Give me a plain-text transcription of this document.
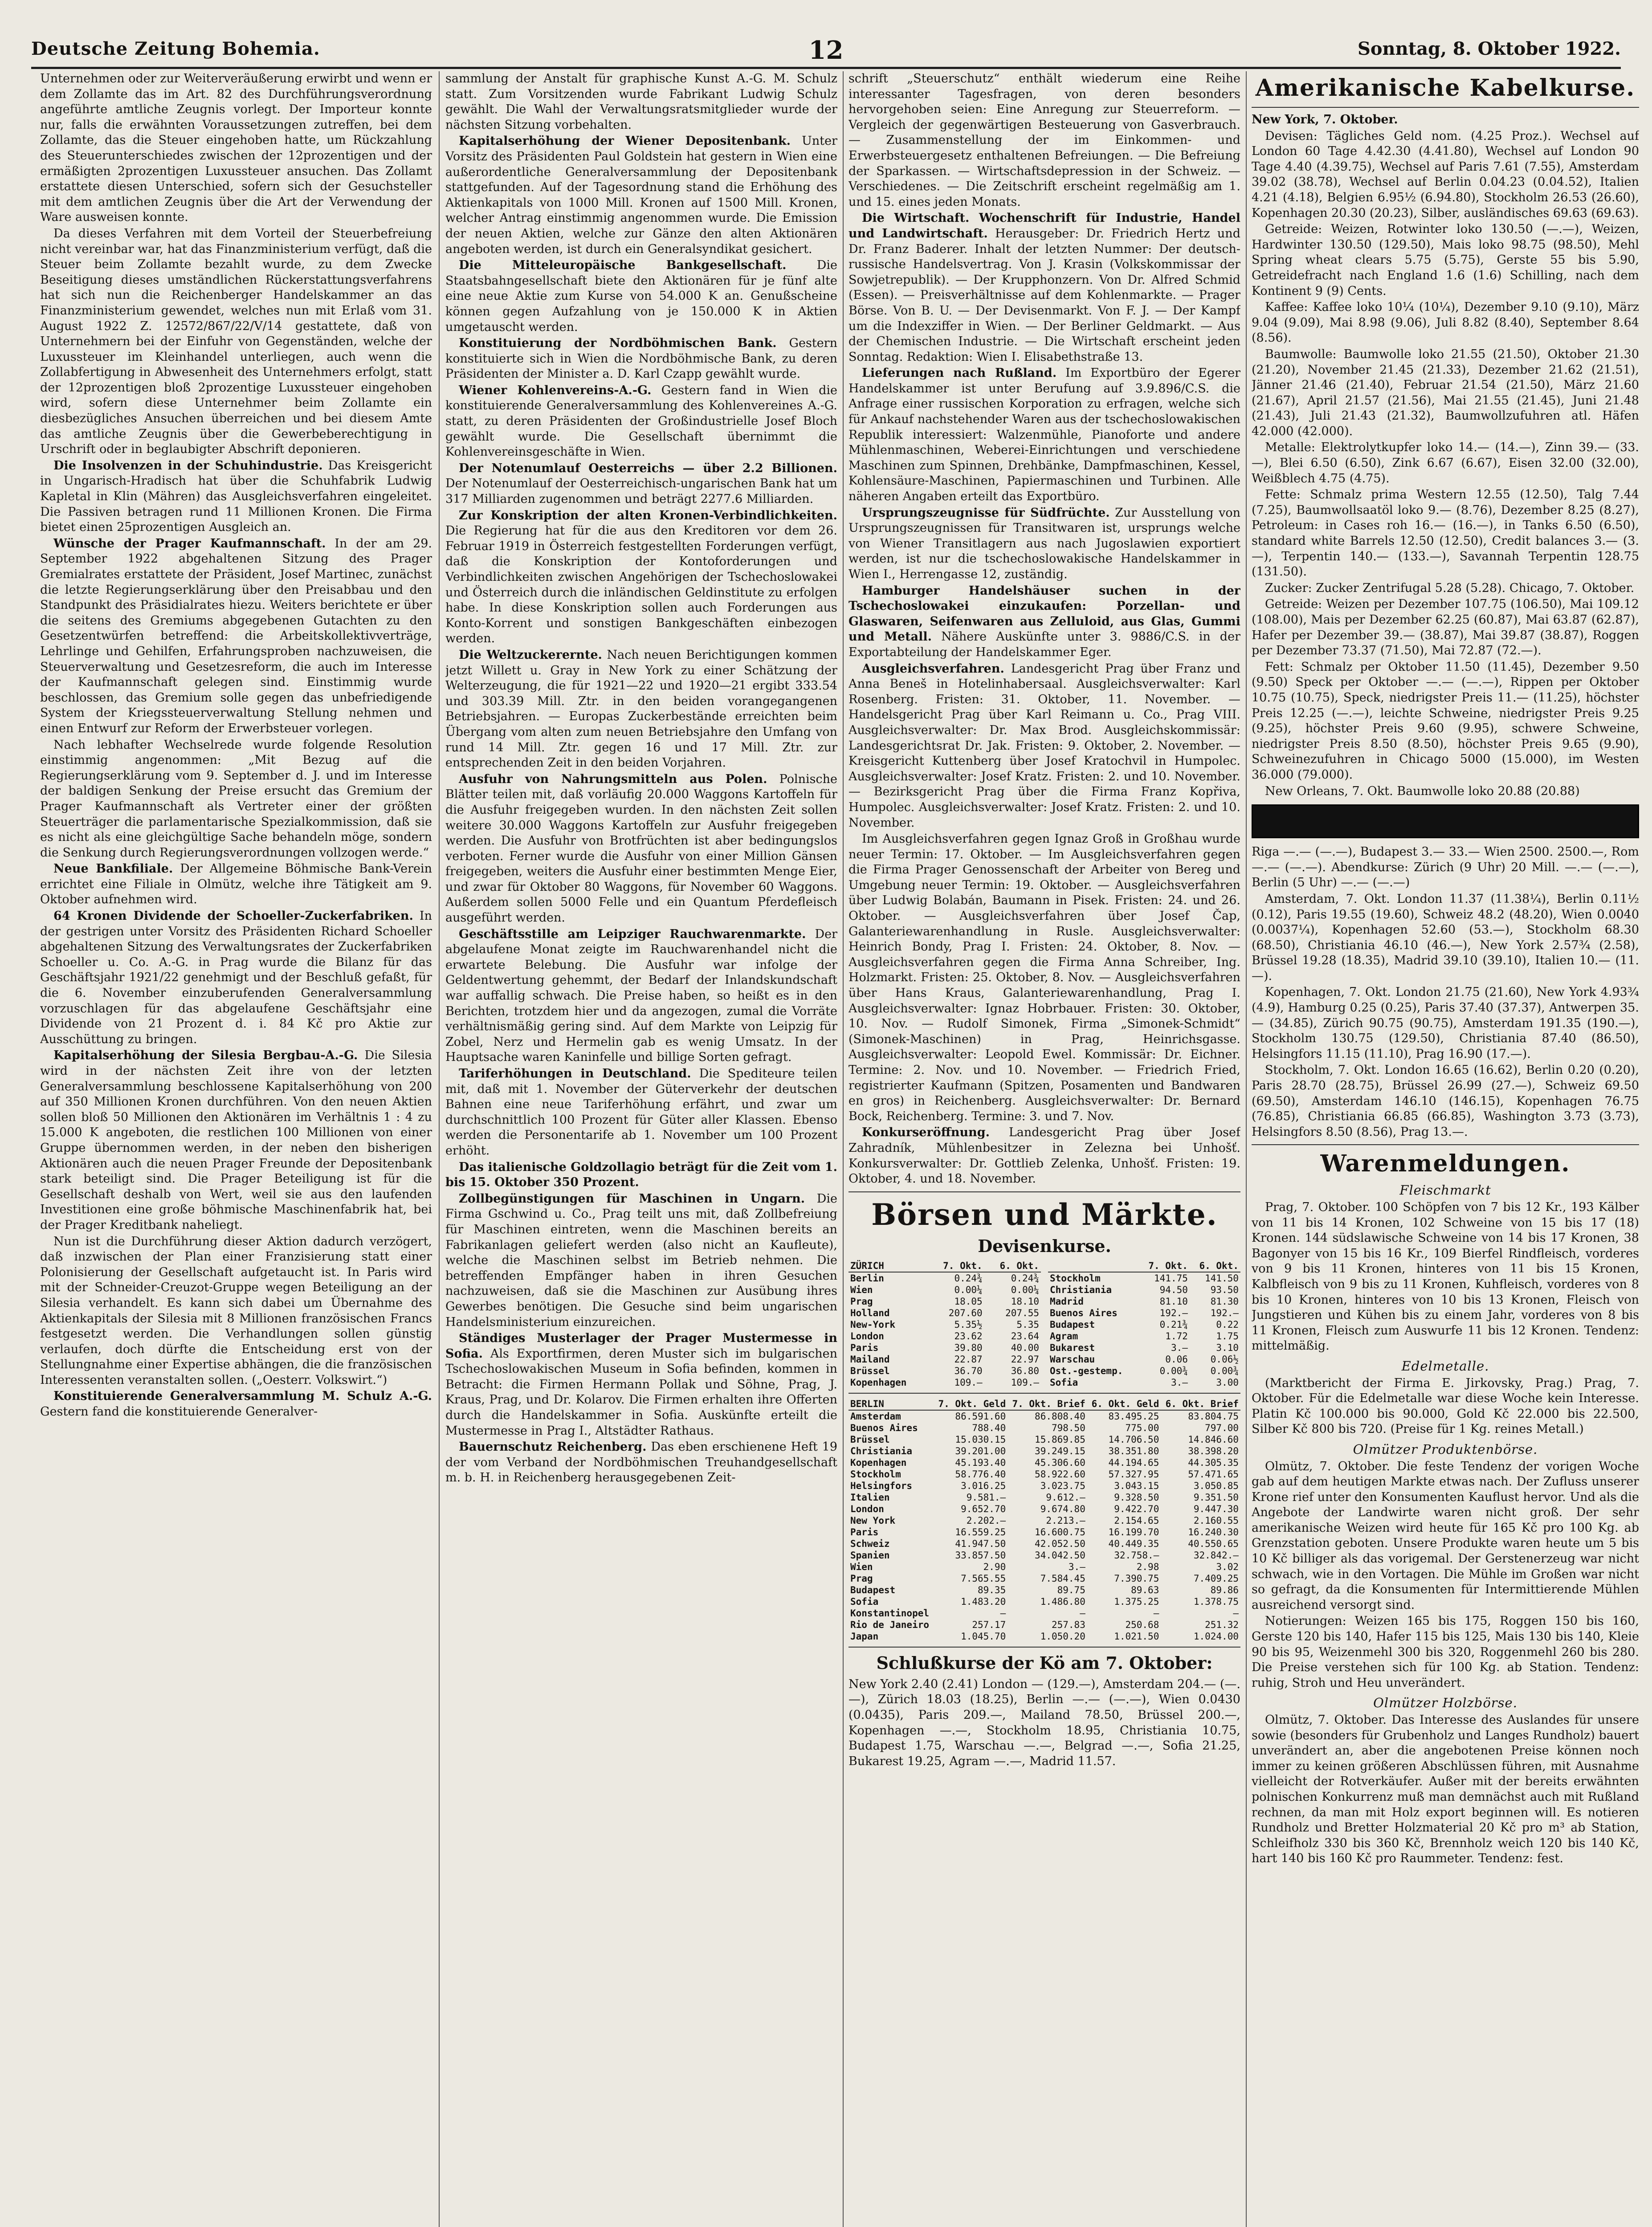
Deutsche Zeitung Bohemia.	12	Sonntag, 8. Oktober 1922.

Unternehmen oder zur Weiterveräußerung erwirbt und wenn er dem Zollamte das im Art. 82 des Durchführungsverordnung angeführte amtliche Zeugnis vorlegt. Der Importeur konnte nur, falls die erwähnten Voraussetzungen zutreffen, bei dem Zollamte, das die Steuer eingehoben hatte, um Rückzahlung des Steuerunterschiedes zwischen der 12prozentigen und der ermäßigten 2prozentigen Luxussteuer ansuchen. Das Zollamt erstattete diesen Unterschied, sofern sich der Gesuchsteller mit dem amtlichen Zeugnis über die Art der Verwendung der Ware ausweisen konnte.

Da dieses Verfahren mit dem Vorteil der Steuerbefreiung nicht vereinbar war, hat das Finanzministerium verfügt, daß die Steuer beim Zollamte bezahlt wurde, zu dem Zwecke Beseitigung dieses umständlichen Rückerstattungsverfahrens hat sich nun die Reichenberger Handelskammer an das Finanzministerium gewendet, welches nun mit Erlaß vom 31. August 1922 Z. 12572/867/22/V/14 gestattete, daß von Unternehmern bei der Einfuhr von Gegenständen, welche der Luxussteuer im Kleinhandel unterliegen, auch wenn die Zollabfertigung in Abwesenheit des Unternehmers erfolgt, statt der 12prozentigen bloß 2prozentige Luxussteuer eingehoben wird, sofern diese Unternehmer beim Zollamte ein diesbezügliches Ansuchen überreichen und bei diesem Amte das amtliche Zeugnis über die Gewerbeberechtigung in Urschrift oder in beglaubigter Abschrift deponieren.

Die Insolvenzen in der Schuhindustrie. Das Kreisgericht in Ungarisch-Hradisch hat über die Schuhfabrik Ludwig Kapletal in Klin (Mähren) das Ausgleichsverfahren eingeleitet. Die Passiven betragen rund 11 Millionen Kronen. Die Firma bietet einen 25prozentigen Ausgleich an.

Wünsche der Prager Kaufmannschaft. In der am 29. September 1922 abgehaltenen Sitzung des Prager Gremialrates erstattete der Präsident, Josef Martinec, zunächst die letzte Regierungserklärung über den Preisabbau und den Standpunkt des Präsidialrates hiezu. Weiters berichtete er über die seitens des Gremiums abgegebenen Gutachten zu den Gesetzentwürfen betreffend: die Arbeitskollektivverträge, Lehrlinge und Gehilfen, Erfahrungsproben nachzuweisen, die Steuerverwaltung und Gesetzesreform, die auch im Interesse der Kaufmannschaft gelegen sind. Einstimmig wurde beschlossen, das Gremium solle gegen das unbefriedigende System der Kriegssteuerverwaltung Stellung nehmen und einen Entwurf zur Reform der Erwerbsteuer vorlegen.

Nach lebhafter Wechselrede wurde folgende Resolution einstimmig angenommen: „Mit Bezug auf die Regierungserklärung vom 9. September d. J. und im Interesse der baldigen Senkung der Preise ersucht das Gremium der Prager Kaufmannschaft als Vertreter einer der größten Steuerträger die parlamentarische Spezialkommission, daß sie es nicht als eine gleichgültige Sache behandeln möge, sondern die Senkung durch Regierungsverordnungen vollzogen werde.“

Neue Bankfiliale. Der Allgemeine Böhmische Bank-Verein errichtet eine Filiale in Olmütz, welche ihre Tätigkeit am 9. Oktober aufnehmen wird.

64 Kronen Dividende der Schoeller-Zuckerfabriken. In der gestrigen unter Vorsitz des Präsidenten Richard Schoeller abgehaltenen Sitzung des Verwaltungsrates der Zuckerfabriken Schoeller u. Co. A.-G. in Prag wurde die Bilanz für das Geschäftsjahr 1921/22 genehmigt und der Beschluß gefaßt, für die 6. November einzuberufenden Generalversammlung vorzuschlagen für das abgelaufene Geschäftsjahr eine Dividende von 21 Prozent d. i. 84 Kč pro Aktie zur Ausschüttung zu bringen.

Kapitalserhöhung der Silesia Bergbau-A.-G. Die Silesia wird in der nächsten Zeit ihre von der letzten Generalversammlung beschlossene Kapitalserhöhung von 200 auf 350 Millionen Kronen durchführen. Von den neuen Aktien sollen bloß 50 Millionen den Aktionären im Verhältnis 1 : 4 zu 15.000 K angeboten, die restlichen 100 Millionen von einer Gruppe übernommen werden, in der neben den bisherigen Aktionären auch die neuen Prager Freunde der Depositenbank stark beteiligt sind. Die Prager Beteiligung ist für die Gesellschaft deshalb von Wert, weil sie aus den laufenden Investitionen eine große böhmische Maschinenfabrik hat, bei der Prager Kreditbank naheliegt.

Nun ist die Durchführung dieser Aktion dadurch verzögert, daß inzwischen der Plan einer Franzisierung statt einer Polonisierung der Gesellschaft aufgetaucht ist. In Paris wird mit der Schneider-Creuzot-Gruppe wegen Beteiligung an der Silesia verhandelt. Es kann sich dabei um Übernahme des Aktienkapitals der Silesia mit 8 Millionen französischen Francs festgesetzt werden. Die Verhandlungen sollen günstig verlaufen, doch dürfte die Entscheidung erst von der Stellungnahme einer Expertise abhängen, die die französischen Interessenten veranstalten sollen. („Oesterr. Volkswirt.“)

Konstituierende Generalversammlung M. Schulz A.-G. Gestern fand die konstituierende Generalver-

sammlung der Anstalt für graphische Kunst A.-G. M. Schulz statt. Zum Vorsitzenden wurde Fabrikant Ludwig Schulz gewählt. Die Wahl der Verwaltungsratsmitglieder wurde der nächsten Sitzung vorbehalten.

Kapitalserhöhung der Wiener Depositenbank. Unter Vorsitz des Präsidenten Paul Goldstein hat gestern in Wien eine außerordentliche Generalversammlung der Depositenbank stattgefunden. Auf der Tagesordnung stand die Erhöhung des Aktienkapitals von 1000 Mill. Kronen auf 1500 Mill. Kronen, welcher Antrag einstimmig angenommen wurde. Die Emission der neuen Aktien, welche zur Gänze den alten Aktionären angeboten werden, ist durch ein Generalsyndikat gesichert.

Die Mitteleuropäische Bankgesellschaft.	Die Staatsbahngesellschaft biete den Aktionären für je fünf alte eine neue Aktie zum Kurse von 54.000 K an. Genußscheine können gegen Aufzahlung von je 150.000 K in Aktien umgetauscht werden.

Konstituierung der Nordböhmischen Bank. Gestern konstituierte sich in Wien die Nordböhmische Bank, zu deren Präsidenten der Minister a. D. Karl Czapp gewählt wurde.

Wiener Kohlenvereins-A.-G. Gestern fand in Wien die konstituierende Generalversammlung des Kohlenvereines A.-G. statt, zu deren Präsidenten der Großindustrielle Josef Bloch gewählt wurde. Die Gesellschaft übernimmt die Kohlenvereinsgeschäfte in Wien.

Der Notenumlauf Oesterreichs — über 2.2 Billionen. Der Notenumlauf der Oesterreichisch-ungarischen Bank hat um 317 Milliarden zugenommen und beträgt 2277.6 Milliarden.

Zur Konskription der alten Kronen-Verbindlichkeiten. Die Regierung hat für die aus den Kreditoren vor dem 26. Februar 1919 in Österreich festgestellten Forderungen verfügt, daß die Konskription der Kontoforderungen und Verbindlichkeiten zwischen Angehörigen der Tschechoslowakei und Österreich durch die inländischen Geldinstitute zu erfolgen habe. In diese Konskription sollen auch Forderungen aus Konto-Korrent und sonstigen Bankgeschäften einbezogen werden.

Die Weltzuckerernte. Nach neuen Berichtigungen kommen jetzt Willett u. Gray in New York zu einer Schätzung der Welterzeugung, die für 1921—22 und 1920—21 ergibt 333.54 und 303.39 Mill. Ztr. in den beiden vorangegangenen Betriebsjahren. — Europas Zuckerbestände erreichten beim Übergang vom alten zum neuen Betriebsjahre den Umfang von rund 14 Mill. Ztr. gegen 16 und 17 Mill. Ztr. zur entsprechenden Zeit in den beiden Vorjahren.

Ausfuhr von Nahrungsmitteln aus Polen. Polnische Blätter teilen mit, daß vorläufig 20.000 Waggons Kartoffeln für die Ausfuhr freigegeben wurden. In den nächsten Zeit sollen weitere 30.000 Waggons Kartoffeln zur Ausfuhr freigegeben werden. Die Ausfuhr von Brotfrüchten ist aber bedingungslos verboten. Ferner wurde die Ausfuhr von einer Million Gänsen freigegeben, weiters die Ausfuhr einer bestimmten Menge Eier, und zwar für Oktober 80 Waggons, für November 60 Waggons. Außerdem sollen 5000 Felle und ein Quantum Pferdefleisch ausgeführt werden.

Geschäftsstille am Leipziger Rauchwarenmarkte. Der abgelaufene Monat zeigte im Rauchwarenhandel nicht die erwartete Belebung. Die Ausfuhr war infolge der Geldentwertung gehemmt, der Bedarf der Inlandskundschaft war auffallig schwach. Die Preise haben, so heißt es in den Berichten, trotzdem hier und da angezogen, zumal die Vorräte verhältnismäßig gering sind. Auf dem Markte von Leipzig für Zobel, Nerz und Hermelin gab es wenig Umsatz. In der Hauptsache waren Kaninfelle und billige Sorten gefragt.

Tariferhöhungen in Deutschland. Die Spediteure teilen mit, daß mit 1. November der Güterverkehr der deutschen Bahnen eine neue Tariferhöhung erfährt, und zwar um durchschnittlich 100 Prozent für Güter aller Klassen. Ebenso werden die Personentarife ab 1. November um 100 Prozent erhöht.

Das italienische Goldzollagio beträgt für die Zeit vom 1. bis 15. Oktober 350 Prozent.

Zollbegünstigungen für Maschinen in Ungarn. Die Firma Gschwind u. Co., Prag teilt uns mit, daß Zollbefreiung für Maschinen eintreten, wenn die Maschinen bereits an Fabrikanlagen geliefert werden (also nicht an Kaufleute), welche die Maschinen selbst im Betrieb nehmen. Die betreffenden Empfänger haben in ihren Gesuchen nachzuweisen, daß sie die Maschinen zur Ausübung ihres Gewerbes benötigen. Die Gesuche sind beim ungarischen Handelsministerium einzureichen.

Ständiges Musterlager der Prager Mustermesse in Sofia. Als Exportfirmen, deren Muster sich im bulgarischen Tschechoslowakischen Museum in Sofia befinden, kommen in Betracht: die Firmen Hermann Pollak und Söhne, Prag, J. Kraus, Prag, und Dr. Kolarov. Die Firmen erhalten ihre Offerten durch die Handelskammer in Sofia. Auskünfte erteilt die Mustermesse in Prag I., Altstädter Rathaus.

Bauernschutz Reichenberg. Das eben erschienene Heft 19 der vom Verband der Nordböhmischen Treuhandgesellschaft m. b. H. in Reichenberg herausgegebenen Zeit-

schrift „Steuerschutz“ enthält wiederum eine Reihe interessanter Tagesfragen, von deren besonders hervorgehoben seien: Eine Anregung zur Steuerreform. — Vergleich der gegenwärtigen Besteuerung von Gasverbrauch. — Zusammenstellung der im Einkommen- und Erwerbsteuergesetz enthaltenen Befreiungen. — Die Befreiung der Sparkassen. — Wirtschaftsdepression in der Schweiz. — Verschiedenes. — Die Zeitschrift erscheint regelmäßig am 1. und 15. eines jeden Monats.

Die Wirtschaft. Wochenschrift für Industrie, Handel und Landwirtschaft. Herausgeber: Dr. Friedrich Hertz und Dr. Franz Baderer. Inhalt der letzten Nummer: Der deutsch-russische Handelsvertrag. Von J. Krasin (Volkskommissar der Sowjetrepublik). — Der Krupphonzern. Von Dr. Alfred Schmid (Essen). — Preisverhältnisse auf dem Kohlenmarkte. — Prager Börse. Von B. U. — Der Devisenmarkt. Von F. J. — Der Kampf um die Indexziffer in Wien. — Der Berliner Geldmarkt. — Aus der Chemischen Industrie. — Die Wirtschaft erscheint jeden Sonntag. Redaktion: Wien I. Elisabethstraße 13.

Lieferungen nach Rußland. Im Exportbüro der Egerer Handelskammer ist unter Berufung auf 3.9.896/C.S. die Anfrage einer russischen Korporation zu erfragen, welche sich für Ankauf nachstehender Waren aus der tschechoslowakischen Republik interessiert: Walzenmühle, Pianoforte und andere Mühlenmaschinen, Weberei-Einrichtungen und verschiedene Maschinen zum Spinnen, Drehbänke, Dampfmaschinen, Kessel, Kohlensäure-Maschinen, Papiermaschinen und Turbinen. Alle näheren Angaben erteilt das Exportbüro.

Ursprungszeugnisse für Südfrüchte. Zur Ausstellung von Ursprungszeugnissen für Transitwaren ist, ursprungs welche von Wiener Transitlagern aus nach Jugoslawien exportiert werden, ist nur die tschechoslowakische Handelskammer in Wien I., Herrengasse 12, zuständig.

Hamburger Handelshäuser suchen in der Tschechoslowakei einzukaufen: Porzellan- und Glaswaren, Seifenwaren aus Zelluloid, aus Glas, Gummi und Metall. Nähere Auskünfte unter 3. 9886/C.S. in der Exportabteilung der Handelskammer Eger.

Ausgleichsverfahren. Landesgericht Prag über Franz und Anna Beneš in Hotelinhabersaal. Ausgleichsverwalter: Karl Rosenberg. Fristen: 31. Oktober, 11. November. — Handelsgericht Prag über Karl Reimann u. Co., Prag VIII. Ausgleichsverwalter: Dr. Max Brod. Ausgleichskommissär: Landesgerichtsrat Dr. Jak. Fristen: 9. Oktober, 2. November. — Kreisgericht Kuttenberg über Josef Kratochvil in Humpolec. Ausgleichsverwalter: Josef Kratz. Fristen: 2. und 10. November. — Bezirksgericht Prag über die Firma Franz Kopřiva, Humpolec. Ausgleichsverwalter: Josef Kratz. Fristen: 2. und 10. November.

Im Ausgleichsverfahren gegen Ignaz Groß in Großhau wurde neuer Termin: 17. Oktober. — Im Ausgleichsverfahren gegen die Firma Prager Genossenschaft der Arbeiter von Bereg und Umgebung neuer Termin: 19. Oktober. — Ausgleichsverfahren über Ludwig Bolabán, Baumann in Pisek. Fristen: 24. und 26. Oktober. — Ausgleichsverfahren über Josef Čap, Galanteriewarenhandlung in Rusle. Ausgleichsverwalter: Heinrich Bondy, Prag I. Fristen: 24. Oktober, 8. Nov. — Ausgleichsverfahren gegen die Firma Anna Schreiber, Ing. Holzmarkt. Fristen: 25. Oktober, 8. Nov. — Ausgleichsverfahren über Hans Kraus, Galanteriewarenhandlung, Prag I. Ausgleichsverwalter: Ignaz Hobrbauer. Fristen: 30. Oktober, 10. Nov. — Rudolf Simonek, Firma „Simonek-Schmidt“ (Simonek-Maschinen) in Prag, Heinrichsgasse. Ausgleichsverwalter: Leopold Ewel. Kommissär: Dr. Eichner. Termine: 2. Nov. und 10. November. — Friedrich Fried, registrierter Kaufmann (Spitzen, Posamenten und Bandwaren en gros) in Reichenberg. Ausgleichsverwalter: Dr. Bernard Bock, Reichenberg. Termine: 3. und 7. Nov.

Konkurseröffnung. Landesgericht Prag über Josef Zahradník, Mühlenbesitzer in Zelezna bei Unhošť. Konkursverwalter: Dr. Gottlieb Zelenka, Unhošť. Fristen: 19. Oktober, 4. und 18. November.

Börsen und Märkte.
Devisenkurse.
ZÜRICH	7. Okt.	6. Okt.
Berlin	0.24¾	0.24¾
Wien	0.00¼	0.00¼
Prag	18.05	18.10
Holland	207.60	207.55
New-York	5.35½	5.35
London	23.62	23.64
Paris	39.80	40.00
Mailand	22.87	22.97
Brüssel	36.70	36.80
Kopenhagen	109.—	109.—
	7. Okt.	6. Okt.
Stockholm	141.75	141.50
Christiania	94.50	93.50
Madrid	81.10	81.30
Buenos Aires	192.—	192.—
Budapest	0.21¾	0.22
Agram	1.72	1.75
Bukarest	3.—	3.10
Warschau	0.06	0.06½
Ost.-gestemp.	0.00¾	0.00¾
Sofia	3.—	3.00
BERLIN	7. Okt. Geld	7. Okt. Brief	6. Okt. Geld	6. Okt. Brief
Amsterdam	86.591.60	86.808.40	83.495.25	83.804.75
Buenos Aires	788.40	798.50	775.00	797.00
Brüssel	15.030.15	15.869.85	14.706.50	14.846.60
Christiania	39.201.00	39.249.15	38.351.80	38.398.20
Kopenhagen	45.193.40	45.306.60	44.194.65	44.305.35
Stockholm	58.776.40	58.922.60	57.327.95	57.471.65
Helsingfors	3.016.25	3.023.75	3.043.15	3.050.85
Italien	9.581.—	9.612.—	9.328.50	9.351.50
London	9.652.70	9.674.80	9.422.70	9.447.30
New York	2.202.—	2.213.—	2.154.65	2.160.55
Paris	16.559.25	16.600.75	16.199.70	16.240.30
Schweiz	41.947.50	42.052.50	40.449.35	40.550.65
Spanien	33.857.50	34.042.50	32.758.—	32.842.—
Wien	2.90	3.—	2.98	3.02
Prag	7.565.55	7.584.45	7.390.75	7.409.25
Budapest	89.35	89.75	89.63	89.86
Sofia	1.483.20	1.486.80	1.375.25	1.378.75
Konstantinopel	—	—	—	—
Rio de Janeiro	257.17	257.83	250.68	251.32
Japan	1.045.70	1.050.20	1.021.50	1.024.00
Schlußkurse der Kö am 7. Oktober:

New York 2.40 (2.41) London — (129.—), Amsterdam 204.— (—.—), Zürich 18.03 (18.25), Berlin —.— (—.—), Wien 0.0430 (0.0435), Paris 209.—, Mailand 78.50, Brüssel 200.—, Kopenhagen —.—, Stockholm 18.95, Christiania 10.75, Budapest 1.75, Warschau —.—, Belgrad —.—, Sofia 21.25, Bukarest 19.25, Agram —.—, Madrid 11.57.

Amerikanische Kabelkurse.

New York, 7. Oktober.

Devisen: Tägliches Geld nom. (4.25 Proz.). Wechsel auf London 60 Tage 4.42.30 (4.41.80), Wechsel auf London 90 Tage 4.40 (4.39.75), Wechsel auf Paris 7.61 (7.55), Amsterdam 39.02 (38.78), Wechsel auf Berlin 0.04.23 (0.04.52), Italien 4.21 (4.18), Belgien 6.95½ (6.94.80), Stockholm 26.53 (26.60), Kopenhagen 20.30 (20.23), Silber, ausländisches 69.63 (69.63).

Getreide: Weizen, Rotwinter loko 130.50 (—.—), Weizen, Hardwinter 130.50 (129.50), Mais loko 98.75 (98.50), Mehl Spring wheat clears 5.75 (5.75), Gerste 55 bis 5.90, Getreidefracht nach England 1.6 (1.6) Schilling, nach dem Kontinent 9 (9) Cents.

Kaffee: Kaffee loko 10¼ (10¼), Dezember 9.10 (9.10), März 9.04 (9.09), Mai 8.98 (9.06), Juli 8.82 (8.40), September 8.64 (8.56).

Baumwolle: Baumwolle loko 21.55 (21.50), Oktober 21.30 (21.20), November 21.45 (21.33), Dezember 21.62 (21.51), Jänner 21.46 (21.40), Februar 21.54 (21.50), März 21.60 (21.67), April 21.57 (21.56), Mai 21.55 (21.45), Juni 21.48 (21.43), Juli 21.43 (21.32), Baumwollzufuhren atl. Häfen 42.000 (42.000).

Metalle: Elektrolytkupfer loko 14.— (14.—), Zinn 39.— (33.—), Blei 6.50 (6.50), Zink 6.67 (6.67), Eisen 32.00 (32.00), Weißblech 4.75 (4.75).

Fette: Schmalz prima Western 12.55 (12.50), Talg 7.44 (7.25), Baumwollsaatöl loko 9.— (8.76), Dezember 8.25 (8.27), Petroleum: in Cases roh 16.— (16.—), in Tanks 6.50 (6.50), standard white Barrels 12.50 (12.50), Credit balances 3.— (3.—), Terpentin 140.— (133.—), Savannah Terpentin 128.75 (131.50).

Zucker: Zucker Zentrifugal 5.28 (5.28). Chicago, 7. Oktober.

Getreide: Weizen per Dezember 107.75 (106.50), Mai 109.12 (108.00), Mais per Dezember 62.25 (60.87), Mai 63.87 (62.87), Hafer per Dezember 39.— (38.87), Mai 39.87 (38.87), Roggen per Dezember 73.37 (71.50), Mai 72.87 (72.—).

Fett: Schmalz per Oktober 11.50 (11.45), Dezember 9.50 (9.50) Speck per Oktober —.— (—.—), Rippen per Oktober 10.75 (10.75), Speck, niedrigster Preis 11.— (11.25), höchster Preis 12.25 (—.—), leichte Schweine, niedrigster Preis 9.25 (9.25), höchster Preis 9.60 (9.95), schwere Schweine, niedrigster Preis 8.50 (8.50), höchster Preis 9.65 (9.90), Schweinezufuhren in Chicago 5000 (15.000), im Westen 36.000 (79.000).

New Orleans, 7. Okt. Baumwolle loko 20.88 (20.88)

Riga —.— (—.—), Budapest 3.— 33.— Wien 2500. 2500.—, Rom —.— (—.—). Abendkurse: Zürich (9 Uhr) 20 Mill. —.— (—.—), Berlin (5 Uhr) —.— (—.—)

Amsterdam, 7. Okt. London 11.37 (11.38¼), Berlin 0.11½ (0.12), Paris 19.55 (19.60), Schweiz 48.2 (48.20), Wien 0.0040 (0.0037¼), Kopenhagen 52.60 (53.—), Stockholm 68.30 (68.50), Christiania 46.10 (46.—), New York 2.57¾ (2.58), Brüssel 19.28 (18.35), Madrid 39.10 (39.10), Italien 10.— (11.—).

Kopenhagen, 7. Okt. London 21.75 (21.60), New York 4.93¾ (4.9), Hamburg 0.25 (0.25), Paris 37.40 (37.37), Antwerpen 35.— (34.85), Zürich 90.75 (90.75), Amsterdam 191.35 (190.—), Stockholm 130.75 (129.50), Christiania 87.40 (86.50), Helsingfors 11.15 (11.10), Prag 16.90 (17.—).

Stockholm, 7. Okt. London 16.65 (16.62), Berlin 0.20 (0.20), Paris 28.70 (28.75), Brüssel 26.99 (27.—), Schweiz 69.50 (69.50), Amsterdam 146.10 (146.15), Kopenhagen 76.75 (76.85), Christiania 66.85 (66.85), Washington 3.73 (3.73), Helsingfors 8.50 (8.56), Prag 13.—.

Warenmeldungen.
Fleischmarkt

Prag, 7. Oktober. 100 Schöpfen von 7 bis 12 Kr., 193 Kälber von 11 bis 14 Kronen, 102 Schweine von 15 bis 17 (18) Kronen. 144 südslawische Schweine von 14 bis 17 Kronen, 38 Bagonyer von 15 bis 16 Kr., 109 Bierfel Rindfleisch, vorderes von 9 bis 11 Kronen, hinteres von 11 bis 15 Kronen, Kalbfleisch von 9 bis zu 11 Kronen, Kuhfleisch, vorderes von 8 bis 10 Kronen, hinteres von 10 bis 13 Kronen, Fleisch von Jungstieren und Kühen bis zu einem Jahr, vorderes von 8 bis 11 Kronen, Fleisch zum Auswurfe 11 bis 12 Kronen. Tendenz: mittelmäßig.

Edelmetalle.

(Marktbericht der Firma E. Jirkovsky, Prag.) Prag, 7. Oktober. Für die Edelmetalle war diese Woche kein Interesse. Platin Kč 100.000 bis 90.000, Gold Kč 22.000 bis 22.500, Silber Kč 800 bis 720. (Preise für 1 Kg. reines Metall.)

Olmützer Produktenbörse.

Olmütz, 7. Oktober. Die feste Tendenz der vorigen Woche gab auf dem heutigen Markte etwas nach. Der Zufluss unserer Krone rief unter den Konsumenten Kauflust hervor. Und als die Angebote der Landwirte waren nicht groß. Der sehr amerikanische Weizen wird heute für 165 Kč pro 100 Kg. ab Grenzstation geboten. Unsere Produkte waren heute um 5 bis 10 Kč billiger als das vorigemal. Der Gerstenerzeug war nicht schwach, wie in den Vortagen. Die Mühle im Großen war nicht so gefragt, da die Konsumenten für Intermittierende Mühlen ausreichend versorgt sind.

Notierungen: Weizen 165 bis 175, Roggen 150 bis 160, Gerste 120 bis 140, Hafer 115 bis 125, Mais 130 bis 140, Kleie 90 bis 95, Weizenmehl 300 bis 320, Roggenmehl 260 bis 280. Die Preise verstehen sich für 100 Kg. ab Station. Tendenz: ruhig, Stroh und Heu unverändert.

Olmützer Holzbörse.

Olmütz, 7. Oktober. Das Interesse des Auslandes für unsere sowie (besonders für Grubenholz und Langes Rundholz) bauert unverändert an, aber die angebotenen Preise können noch immer zu keinen größeren Abschlüssen führen, mit Ausnahme vielleicht der Rotverkäufer. Außer mit der bereits erwähnten polnischen Konkurrenz muß man demnächst auch mit Rußland rechnen, da man mit Holz export beginnen will. Es notieren Rundholz und Bretter Holzmaterial 20 Kč pro m³ ab Station, Schleifholz 330 bis 360 Kč, Brennholz weich 120 bis 140 Kč, hart 140 bis 160 Kč pro Raummeter. Tendenz: fest.
